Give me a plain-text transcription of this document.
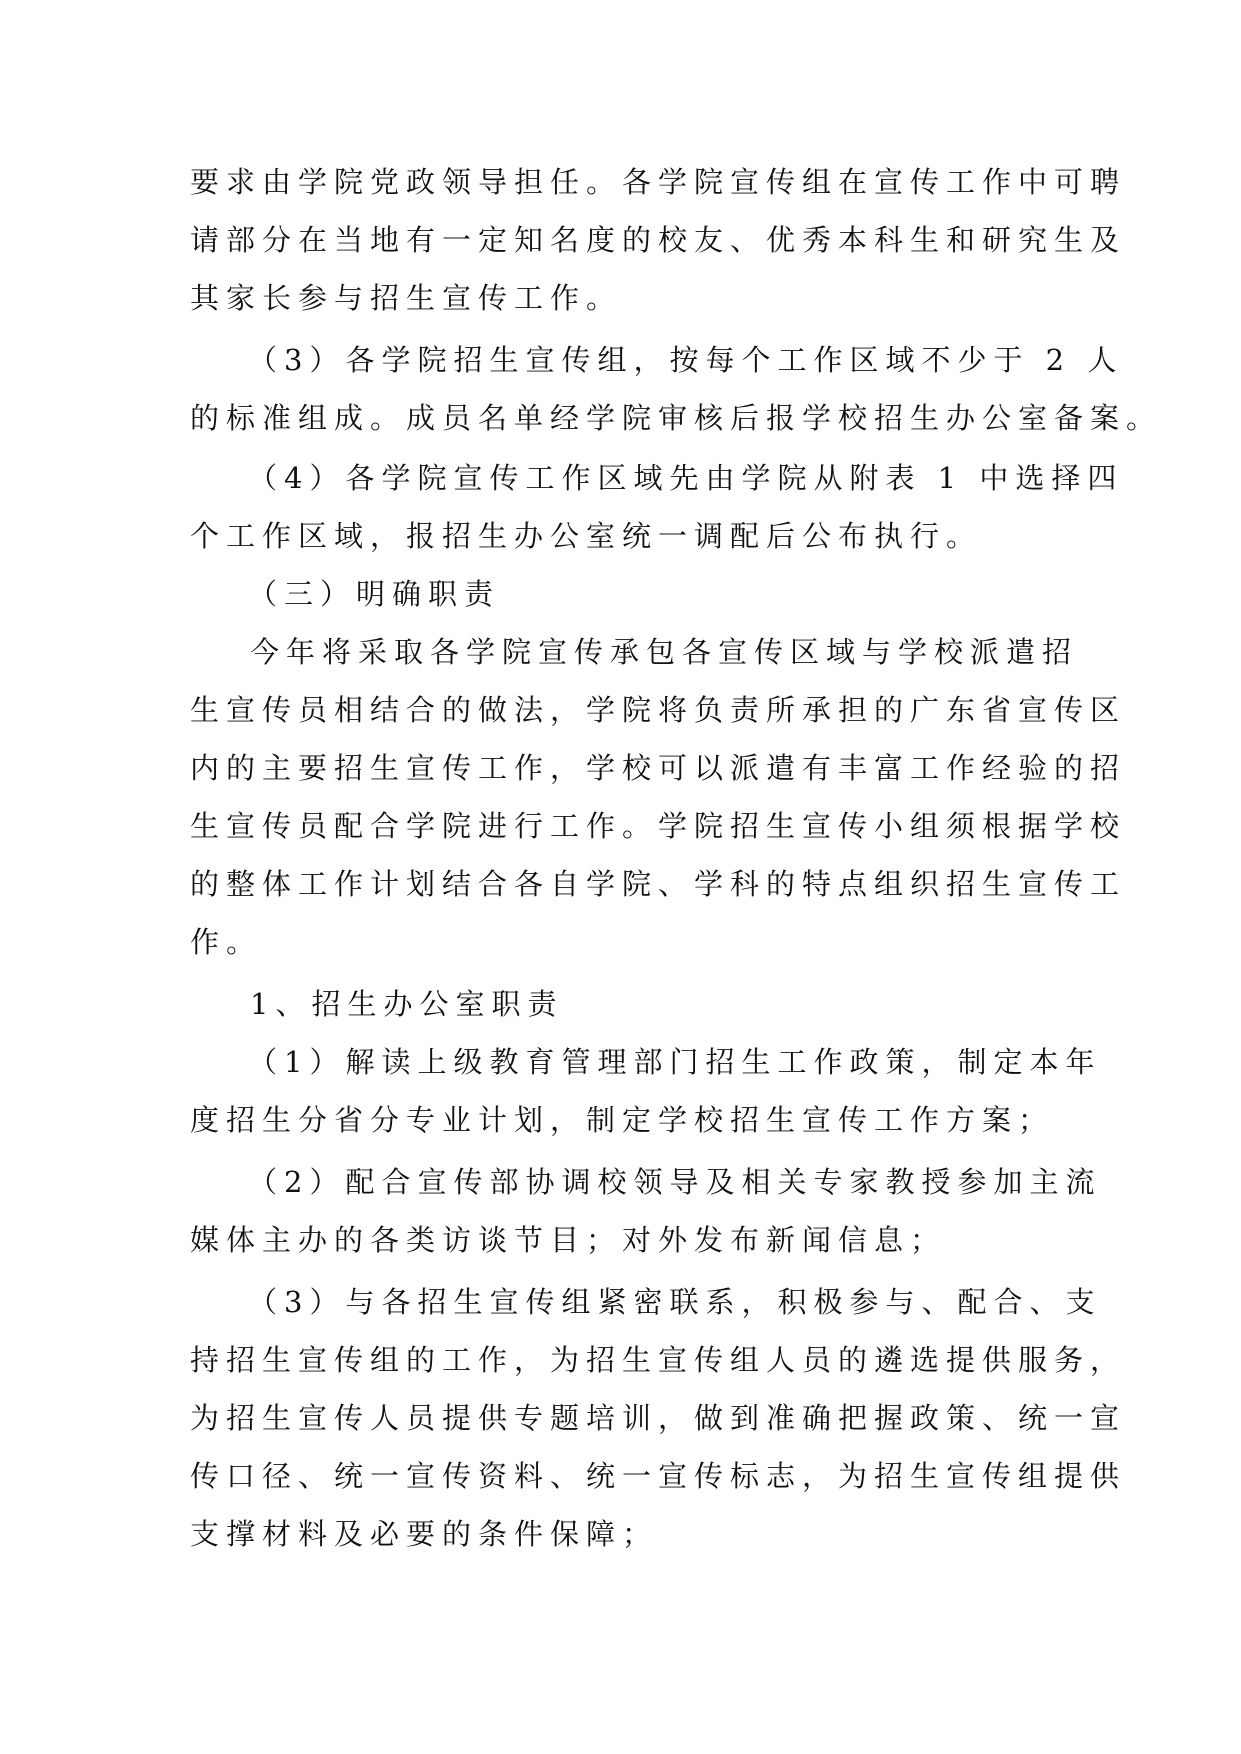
要求由学院党政领导担任。各学院宣传组在宣传工作中可聘
请部分在当地有一定知名度的校友、优秀本科生和研究生及
其家长参与招生宣传工作。
（3）各学院招生宣传组，按每个工作区域不少于 2 人
的标准组成。成员名单经学院审核后报学校招生办公室备案。
（4）各学院宣传工作区域先由学院从附表 1 中选择四
个工作区域，报招生办公室统一调配后公布执行。
（三）明确职责
今年将采取各学院宣传承包各宣传区域与学校派遣招
生宣传员相结合的做法，学院将负责所承担的广东省宣传区
内的主要招生宣传工作，学校可以派遣有丰富工作经验的招
生宣传员配合学院进行工作。学院招生宣传小组须根据学校
的整体工作计划结合各自学院、学科的特点组织招生宣传工
作。
1、招生办公室职责
（1）解读上级教育管理部门招生工作政策，制定本年
度招生分省分专业计划，制定学校招生宣传工作方案；
（2）配合宣传部协调校领导及相关专家教授参加主流
媒体主办的各类访谈节目；对外发布新闻信息；
（3）与各招生宣传组紧密联系，积极参与、配合、支
持招生宣传组的工作，为招生宣传组人员的遴选提供服务，
为招生宣传人员提供专题培训，做到准确把握政策、统一宣
传口径、统一宣传资料、统一宣传标志，为招生宣传组提供
支撑材料及必要的条件保障；
